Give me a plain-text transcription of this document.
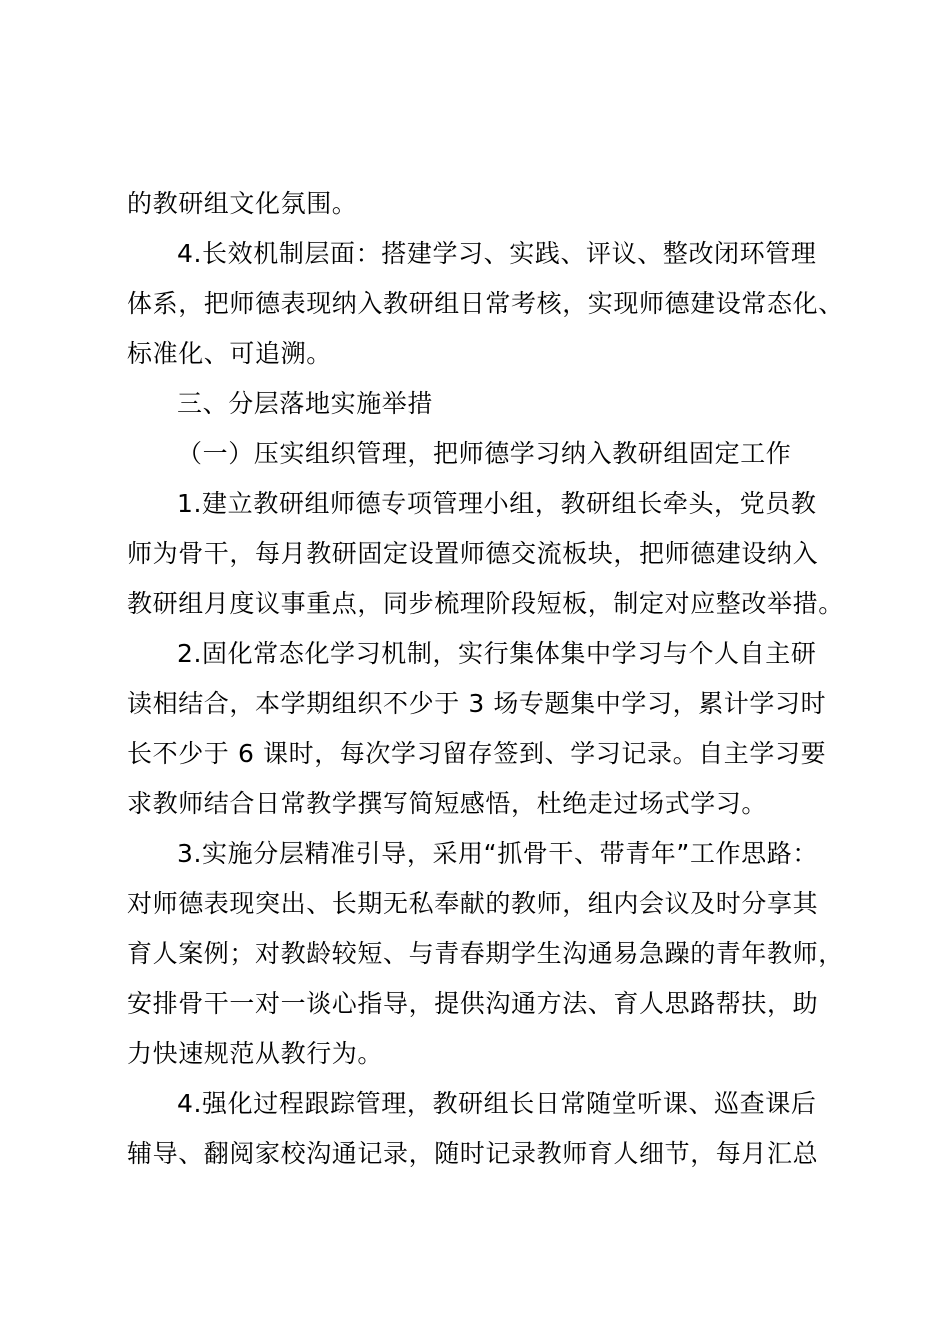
的教研组文化氛围。
4.长效机制层面：搭建学习、实践、评议、整改闭环管理
体系，把师德表现纳入教研组日常考核，实现师德建设常态化、
标准化、可追溯。
三、分层落地实施举措
（一）压实组织管理，把师德学习纳入教研组固定工作
1.建立教研组师德专项管理小组，教研组长牵头，党员教
师为骨干，每月教研固定设置师德交流板块，把师德建设纳入
教研组月度议事重点，同步梳理阶段短板，制定对应整改举措。
2.固化常态化学习机制，实行集体集中学习与个人自主研
读相结合，本学期组织不少于 3 场专题集中学习，累计学习时
长不少于 6 课时，每次学习留存签到、学习记录。自主学习要
求教师结合日常教学撰写简短感悟，杜绝走过场式学习。
3.实施分层精准引导，采用“抓骨干、带青年”工作思路：
对师德表现突出、长期无私奉献的教师，组内会议及时分享其
育人案例；对教龄较短、与青春期学生沟通易急躁的青年教师，
安排骨干一对一谈心指导，提供沟通方法、育人思路帮扶，助
力快速规范从教行为。
4.强化过程跟踪管理，教研组长日常随堂听课、巡查课后
辅导、翻阅家校沟通记录，随时记录教师育人细节，每月汇总
